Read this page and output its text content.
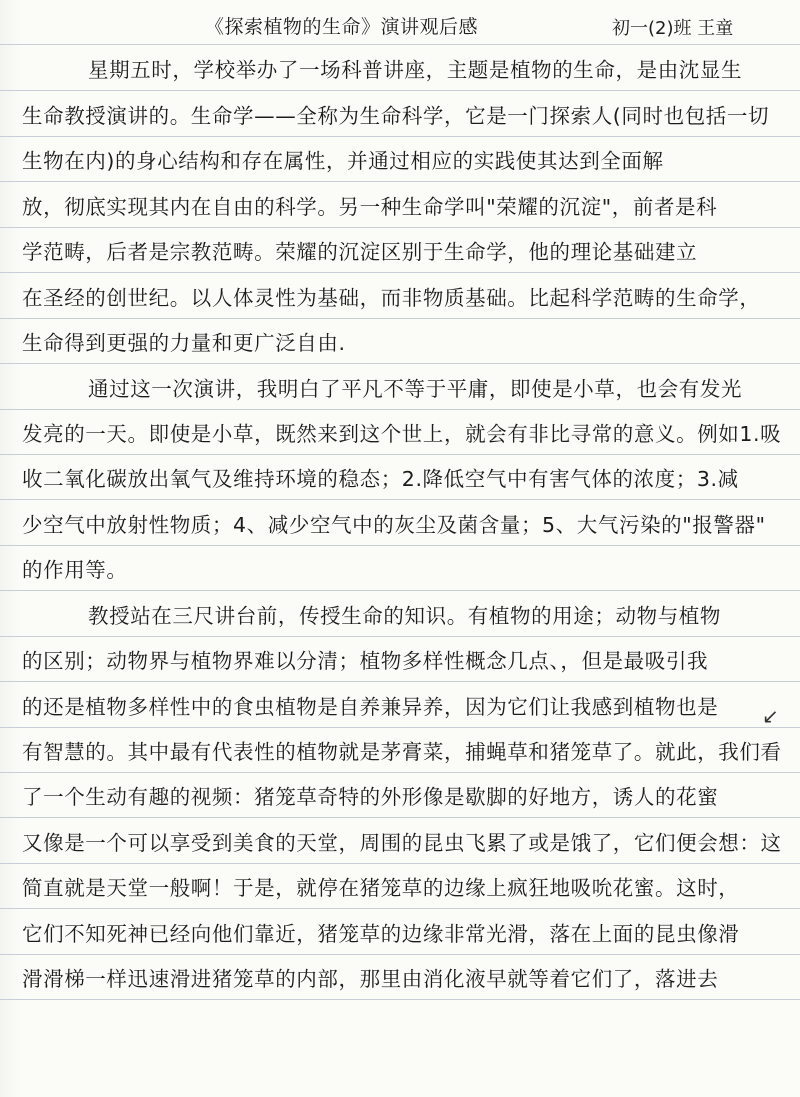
《探索植物的生命》演讲观后感	初一(2)班 王童
星期五时，学校举办了一场科普讲座，主题是植物的生命，是由沈显生
生命教授演讲的。生命学——全称为生命科学，它是一门探索人(同时也包括一切
生物在内)的身心结构和存在属性，并通过相应的实践使其达到全面解
放，彻底实现其内在自由的科学。另一种生命学叫"荣耀的沉淀"，前者是科
学范畴，后者是宗教范畴。荣耀的沉淀区别于生命学，他的理论基础建立
在圣经的创世纪。以人体灵性为基础，而非物质基础。比起科学范畴的生命学，
生命得到更强的力量和更广泛自由.
通过这一次演讲，我明白了平凡不等于平庸，即使是小草，也会有发光
发亮的一天。即使是小草，既然来到这个世上，就会有非比寻常的意义。例如1.吸
收二氧化碳放出氧气及维持环境的稳态；2.降低空气中有害气体的浓度；3.减
少空气中放射性物质；4、减少空气中的灰尘及菌含量；5、大气污染的"报警器"
的作用等。
教授站在三尺讲台前，传授生命的知识。有植物的用途；动物与植物
的区别；动物界与植物界难以分清；植物多样性概念几点、，但是最吸引我
的还是植物多样性中的食虫植物是自养兼异养，因为它们让我感到植物也是
有智慧的。其中最有代表性的植物就是茅膏菜，捕蝇草和猪笼草了。就此，我们看
了一个生动有趣的视频：猪笼草奇特的外形像是歇脚的好地方，诱人的花蜜
又像是一个可以享受到美食的天堂，周围的昆虫飞累了或是饿了，它们便会想：这
简直就是天堂一般啊！于是，就停在猪笼草的边缘上疯狂地吸吮花蜜。这时，
它们不知死神已经向他们靠近，猪笼草的边缘非常光滑，落在上面的昆虫像滑
滑滑梯一样迅速滑进猪笼草的内部，那里由消化液早就等着它们了，落进去
↙
